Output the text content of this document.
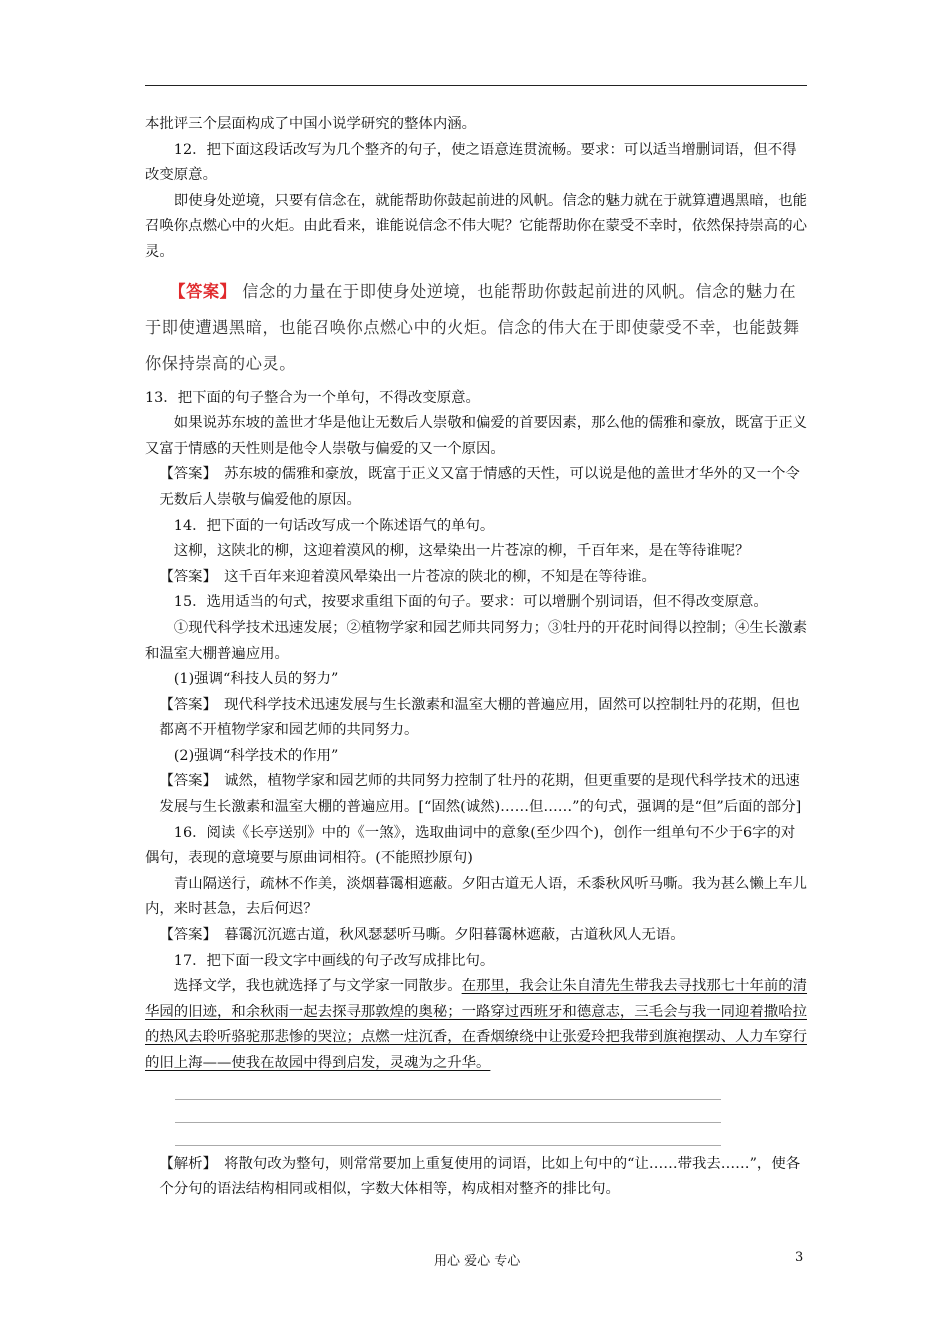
本批评三个层面构成了中国小说学研究的整体内涵。

12．把下面这段话改写为几个整齐的句子，使之语意连贯流畅。要求：可以适当增删词语，但不得改变原意。

即使身处逆境，只要有信念在，就能帮助你鼓起前进的风帆。信念的魅力就在于就算遭遇黑暗，也能召唤你点燃心中的火炬。由此看来，谁能说信念不伟大呢？它能帮助你在蒙受不幸时，依然保持崇高的心灵。

【答案】 信念的力量在于即使身处逆境，也能帮助你鼓起前进的风帆。信念的魅力在于即使遭遇黑暗，也能召唤你点燃心中的火炬。信念的伟大在于即使蒙受不幸，也能鼓舞你保持崇高的心灵。

13．把下面的句子整合为一个单句，不得改变原意。

如果说苏东坡的盖世才华是他让无数后人崇敬和偏爱的首要因素，那么他的儒雅和豪放，既富于正义又富于情感的天性则是他令人崇敬与偏爱的又一个原因。

【答案】　苏东坡的儒雅和豪放，既富于正义又富于情感的天性，可以说是他的盖世才华外的又一个令无数后人崇敬与偏爱他的原因。

14．把下面的一句话改写成一个陈述语气的单句。

这柳，这陕北的柳，这迎着漠风的柳，这晕染出一片苍凉的柳，千百年来，是在等待谁呢？

【答案】　这千百年来迎着漠风晕染出一片苍凉的陕北的柳，不知是在等待谁。

15．选用适当的句式，按要求重组下面的句子。要求：可以增删个别词语，但不得改变原意。

①现代科学技术迅速发展；②植物学家和园艺师共同努力；③牡丹的开花时间得以控制；④生长激素和温室大棚普遍应用。

(1)强调“科技人员的努力”

【答案】　现代科学技术迅速发展与生长激素和温室大棚的普遍应用，固然可以控制牡丹的花期，但也都离不开植物学家和园艺师的共同努力。

(2)强调“科学技术的作用”

【答案】　诚然，植物学家和园艺师的共同努力控制了牡丹的花期，但更重要的是现代科学技术的迅速发展与生长激素和温室大棚的普遍应用。[“固然(诚然)……但……”的句式，强调的是“但”后面的部分]

16．阅读《长亭送别》中的《一煞》，选取曲词中的意象(至少四个)，创作一组单句不少于6字的对偶句，表现的意境要与原曲词相符。(不能照抄原句)

青山隔送行，疏林不作美，淡烟暮霭相遮蔽。夕阳古道无人语，禾黍秋风听马嘶。我为甚么懒上车儿内，来时甚急，去后何迟？

【答案】　暮霭沉沉遮古道，秋风瑟瑟听马嘶。夕阳暮霭林遮蔽，古道秋风人无语。

17．把下面一段文字中画线的句子改写成排比句。

选择文学，我也就选择了与文学家一同散步。在那里，我会让朱自清先生带我去寻找那七十年前的清华园的旧迹，和余秋雨一起去探寻那敦煌的奥秘；一路穿过西班牙和德意志，三毛会与我一同迎着撒哈拉的热风去聆听骆驼那悲惨的哭泣；点燃一炷沉香，在香烟缭绕中让张爱玲把我带到旗袍摆动、人力车穿行的旧上海——使我在故园中得到启发，灵魂为之升华。

【解析】　将散句改为整句，则常常要加上重复使用的词语，比如上句中的“让……带我去……”，使各个分句的语法结构相同或相似，字数大体相等，构成相对整齐的排比句。

用心 爱心 专心	3
